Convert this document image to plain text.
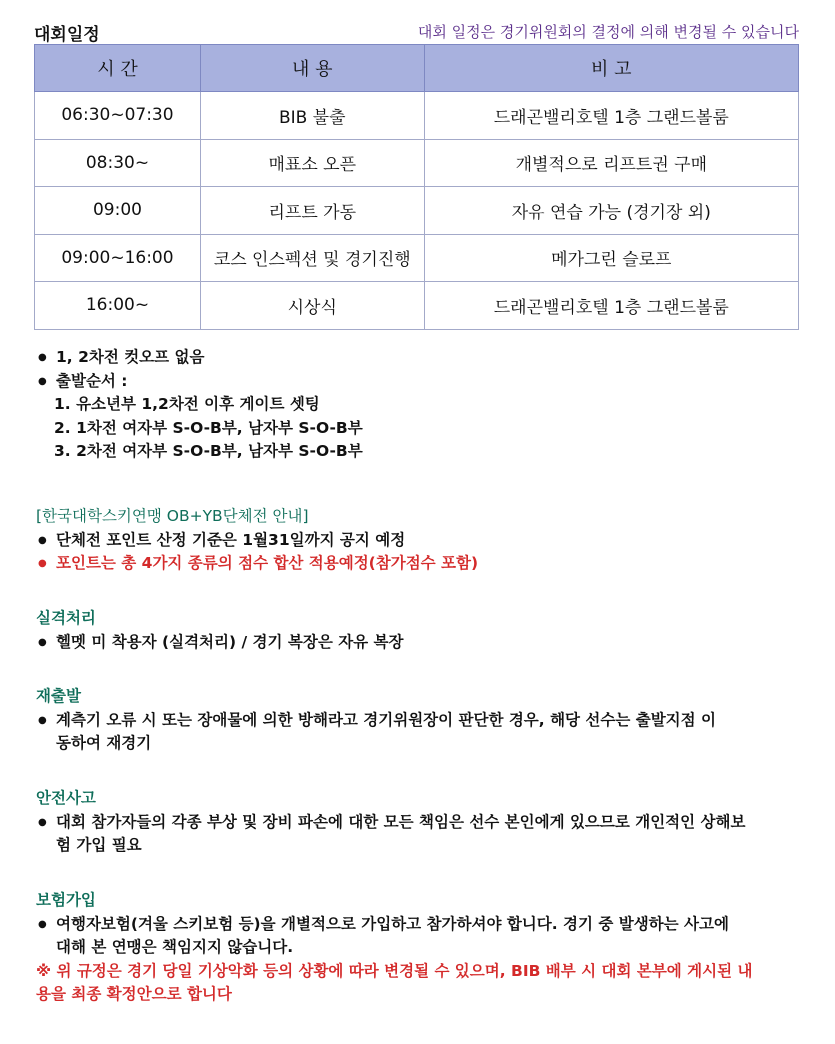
대회일정	대회 일정은 경기위원회의 결정에 의해 변경될 수 있습니다
시 간	내 용	비 고
06:30~07:30	BIB 불출	드래곤밸리호텔 1층 그랜드볼룸
08:30~	매표소 오픈	개별적으로 리프트권 구매
09:00	리프트 가동	자유 연습 가능 (경기장 외)
09:00~16:00	코스 인스펙션 및 경기진행	메가그린 슬로프
16:00~	시상식	드래곤밸리호텔 1층 그랜드볼룸
● 1, 2차전 컷오프 없음
● 출발순서 :
1. 유소년부 1,2차전 이후 게이트 셋팅
2. 1차전 여자부 S-O-B부, 남자부 S-O-B부
3. 2차전 여자부 S-O-B부, 남자부 S-O-B부
[한국대학스키연맹 OB+YB단체전 안내]
● 단체전 포인트 산정 기준은 1월31일까지 공지 예정
● 포인트는 총 4가지 종류의 점수 합산 적용예정(참가점수 포함)
실격처리
● 헬멧 미 착용자 (실격처리) / 경기 복장은 자유 복장
재출발
● 계측기 오류 시 또는 장애물에 의한 방해라고 경기위원장이 판단한 경우, 해당 선수는 출발지점 이
동하여 재경기
안전사고
● 대회 참가자들의 각종 부상 및 장비 파손에 대한 모든 책임은 선수 본인에게 있으므로 개인적인 상해보
험 가입 필요
보험가입
● 여행자보험(겨울 스키보험 등)을 개별적으로 가입하고 참가하셔야 합니다. 경기 중 발생하는 사고에
대해 본 연맹은 책임지지 않습니다.
※ 위 규정은 경기 당일 기상악화 등의 상황에 따라 변경될 수 있으며, BIB 배부 시 대회 본부에 게시된 내
용을 최종 확정안으로 합니다
